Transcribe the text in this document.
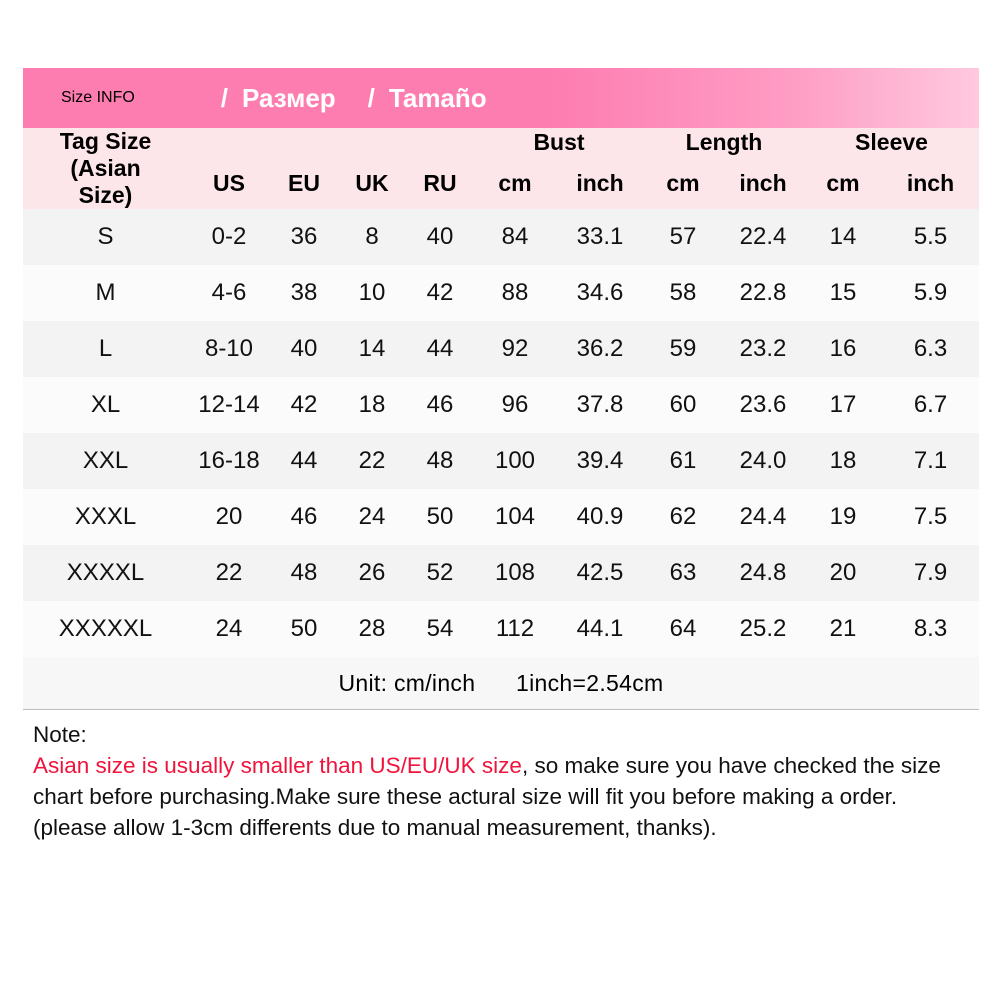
Size INFO	/ Размер / Tamaño
Tag Size
(Asian
Size)					Bust		Length		Sleeve	
	US	EU	UK	RU	cm	inch	cm	inch	cm	inch
S	0-2	36	8	40	84	33.1	57	22.4	14	5.5
M	4-6	38	10	42	88	34.6	58	22.8	15	5.9
L	8-10	40	14	44	92	36.2	59	23.2	16	6.3
XL	12-14	42	18	46	96	37.8	60	23.6	17	6.7
XXL	16-18	44	22	48	100	39.4	61	24.0	18	7.1
XXXL	20	46	24	50	104	40.9	62	24.4	19	7.5
XXXXL	22	48	26	52	108	42.5	63	24.8	20	7.9
XXXXXL	24	50	28	54	112	44.1	64	25.2	21	8.3
Unit: cm/inch 1inch=2.54cm										

Note:

Asian size is usually smaller than US/EU/UK size, so make sure you have checked the size chart before purchasing.Make sure these actural size will fit you before making a order.(please allow 1-3cm differents due to manual measurement, thanks).
